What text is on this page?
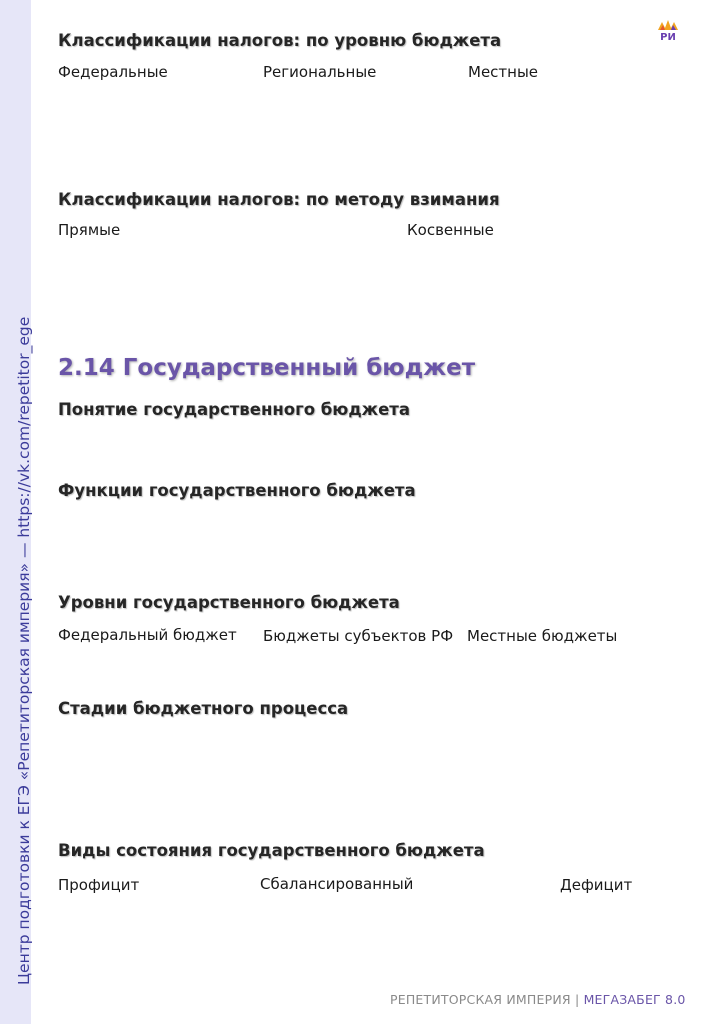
Центр подготовки к ЕГЭ «Репетиторская империя» — https://vk.com/repetitor_ege
РИ
Классификации налогов: по уровню бюджета
Федеральные	Региональные	Местные
Классификации налогов: по методу взимания
Прямые	Косвенные
2.14 Государственный бюджет
Понятие государственного бюджета
Функции государственного бюджета
Уровни государственного бюджета
Федеральный бюджет Бюджеты субъектов РФ Местные бюджеты
Стадии бюджетного процесса
Виды состояния государственного бюджета
Профицит	Сбалансированный	Дефицит
РЕПЕТИТОРСКАЯ ИМПЕРИЯ | МЕГАЗАБЕГ 8.0
